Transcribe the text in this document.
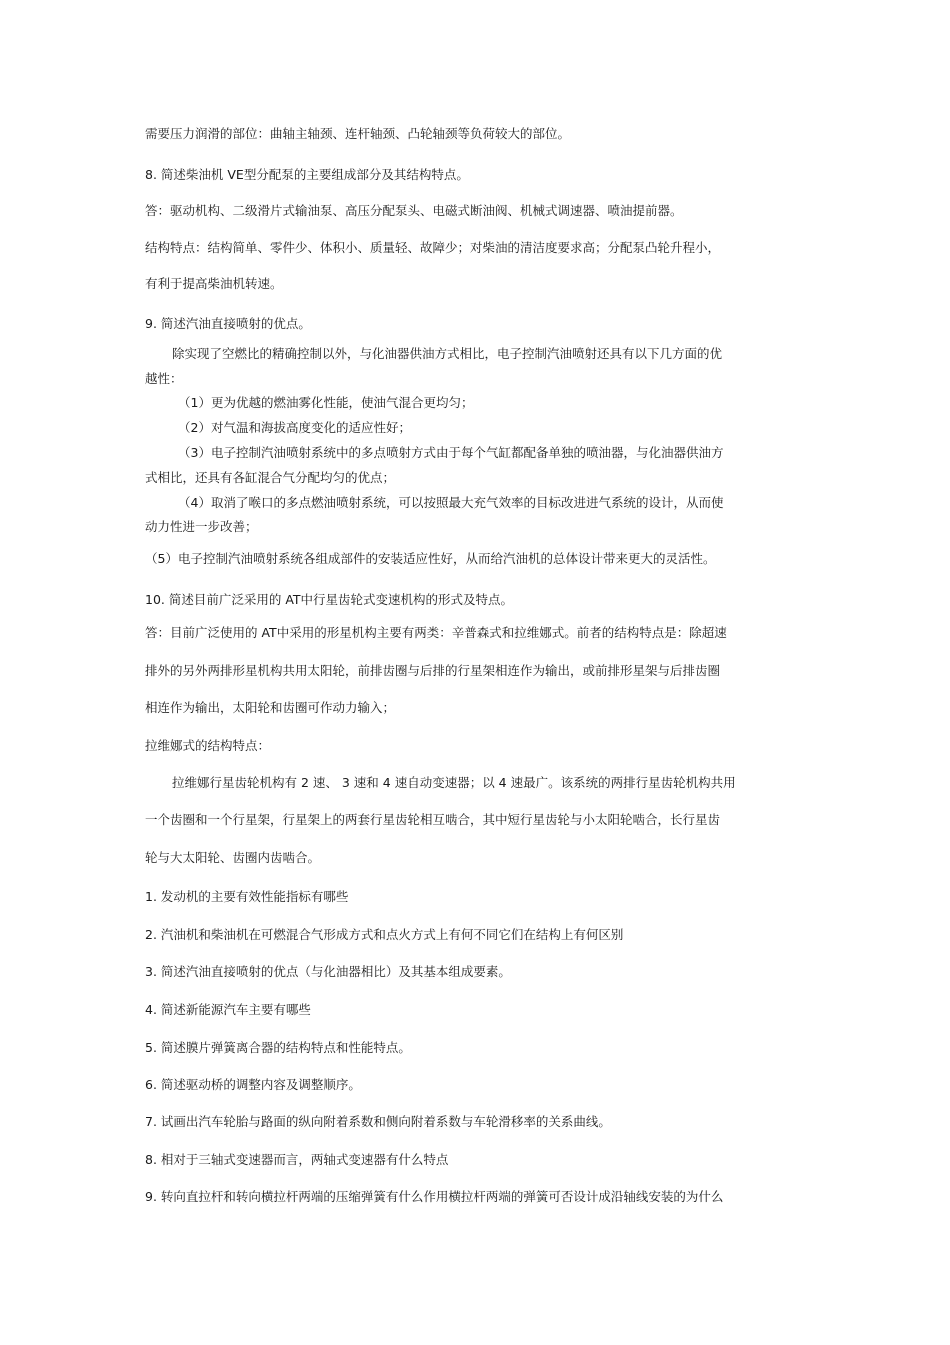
需要压力润滑的部位：曲轴主轴颈、连杆轴颈、凸轮轴颈等负荷较大的部位。
8. 简述柴油机 VE型分配泵的主要组成部分及其结构特点。
答：驱动机构、二级滑片式输油泵、高压分配泵头、电磁式断油阀、机械式调速器、喷油提前器。
结构特点：结构简单、零件少、体积小、质量轻、故障少；对柴油的清洁度要求高；分配泵凸轮升程小，
有利于提高柴油机转速。
9. 简述汽油直接喷射的优点。
除实现了空燃比的精确控制以外，与化油器供油方式相比，电子控制汽油喷射还具有以下几方面的优
越性：
（1）更为优越的燃油雾化性能，使油气混合更均匀；
（2）对气温和海拔高度变化的适应性好；
（3）电子控制汽油喷射系统中的多点喷射方式由于每个气缸都配备单独的喷油器，与化油器供油方
式相比，还具有各缸混合气分配均匀的优点；
（4）取消了喉口的多点燃油喷射系统，可以按照最大充气效率的目标改进进气系统的设计，从而使
动力性进一步改善；
（5）电子控制汽油喷射系统各组成部件的安装适应性好，从而给汽油机的总体设计带来更大的灵活性。
10. 简述目前广泛采用的 AT中行星齿轮式变速机构的形式及特点。
答：目前广泛使用的 AT中采用的形星机构主要有两类：辛普森式和拉维娜式。前者的结构特点是：除超速
排外的另外两排形星机构共用太阳轮，前排齿圈与后排的行星架相连作为输出，或前排形星架与后排齿圈
相连作为输出，太阳轮和齿圈可作动力输入；
拉维娜式的结构特点：
拉维娜行星齿轮机构有 2 速、 3 速和 4 速自动变速器；以 4 速最广。该系统的两排行星齿轮机构共用
一个齿圈和一个行星架，行星架上的两套行星齿轮相互啮合，其中短行星齿轮与小太阳轮啮合，长行星齿
轮与大太阳轮、齿圈内齿啮合。
1. 发动机的主要有效性能指标有哪些
2. 汽油机和柴油机在可燃混合气形成方式和点火方式上有何不同它们在结构上有何区别
3. 简述汽油直接喷射的优点（与化油器相比）及其基本组成要素。
4. 简述新能源汽车主要有哪些
5. 简述膜片弹簧离合器的结构特点和性能特点。
6. 简述驱动桥的调整内容及调整顺序。
7. 试画出汽车轮胎与路面的纵向附着系数和侧向附着系数与车轮滑移率的关系曲线。
8. 相对于三轴式变速器而言，两轴式变速器有什么特点
9. 转向直拉杆和转向横拉杆两端的压缩弹簧有什么作用横拉杆两端的弹簧可否设计成沿轴线安装的为什么
